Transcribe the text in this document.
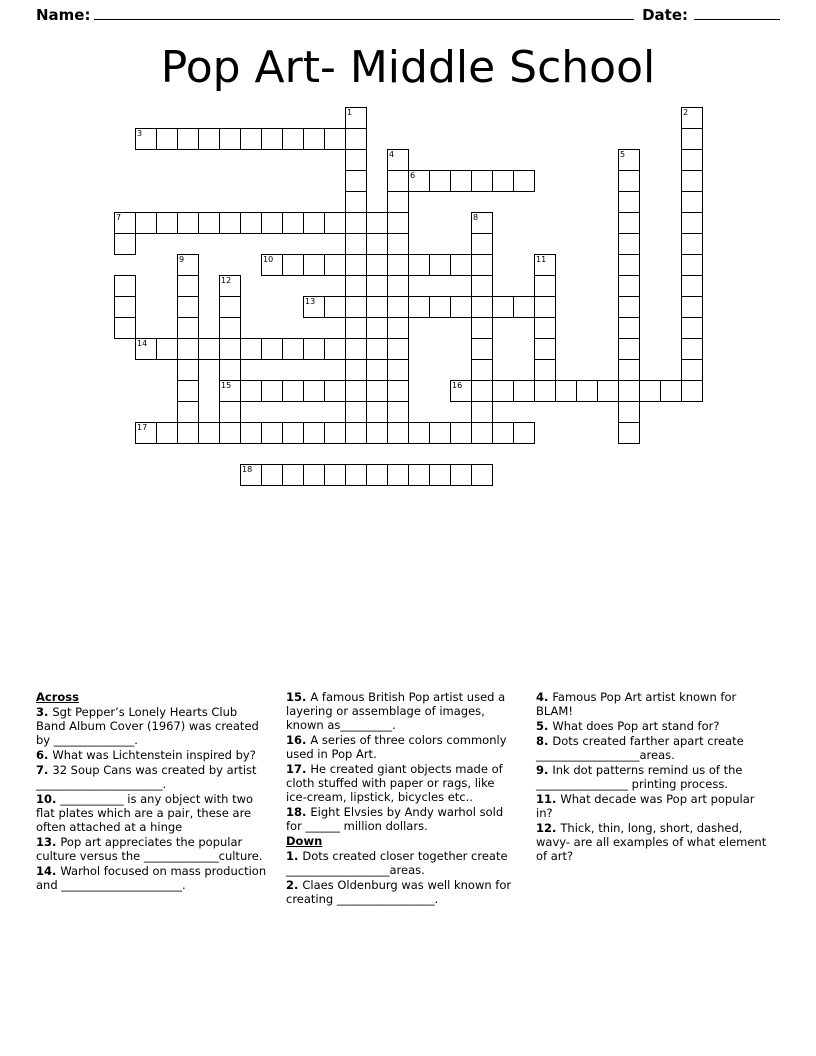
Name:	Date:
Pop Art- Middle School
1	2
3
4	5
6
7	8
9	10	11
12
13
14
15	16
17
18
Across
3. Sgt Pepper’s Lonely Hearts Club Band Album Cover (1967) was created by ______________.
6. What was Lichtenstein inspired by?
7. 32 Soup Cans was created by artist ______________________.
10. ___________ is any object with two flat plates which are a pair, these are often attached at a hinge
13. Pop art appreciates the popular culture versus the _____________culture.
14. Warhol focused on mass production and _____________________.
15. A famous British Pop artist used a layering or assemblage of images, known as_________.
16. A series of three colors commonly used in Pop Art.
17. He created giant objects made of cloth stuffed with paper or rags, like ice-cream, lipstick, bicycles etc..
18. Eight Elvsies by Andy warhol sold for ______ million dollars.
Down
1. Dots created closer together create __________________areas.
2. Claes Oldenburg was well known for creating _________________.
4. Famous Pop Art artist known for BLAM!
5. What does Pop art stand for?
8. Dots created farther apart create __________________areas.
9. Ink dot patterns remind us of the ________________ printing process.
11. What decade was Pop art popular in?
12. Thick, thin, long, short, dashed, wavy- are all examples of what element of art?
